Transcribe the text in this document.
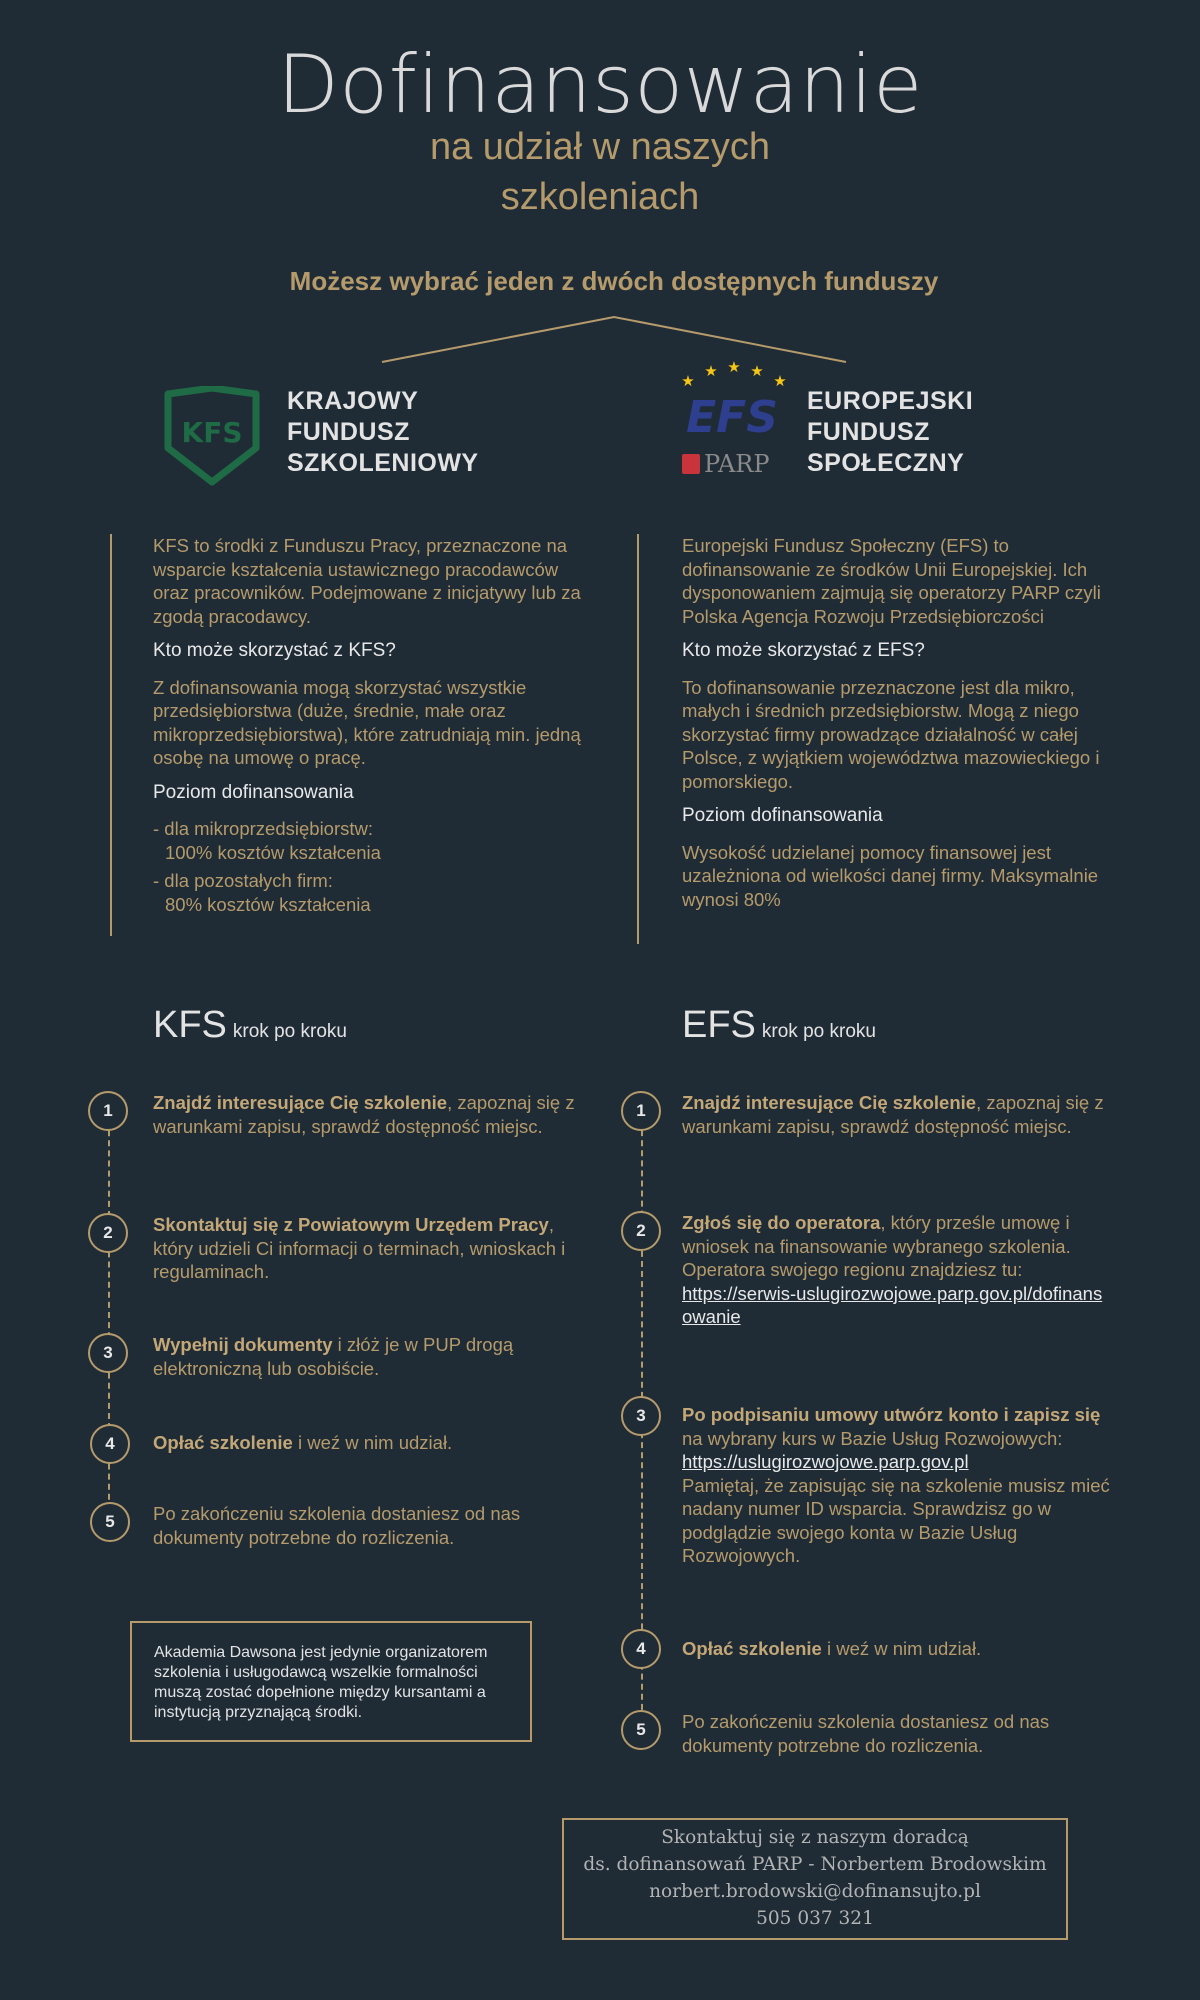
Dofinansowanie
na udział w naszych
szkoleniach
Możesz wybrać jeden z dwóch dostępnych funduszy
KFS
KRAJOWY
FUNDUSZ
SZKOLENIOWY
★
★ ★ ★
★
EFS
PARP
EUROPEJSKI
FUNDUSZ
SPOŁECZNY

KFS to środki z Funduszu Pracy, przeznaczone na wsparcie kształcenia ustawicznego pracodawców oraz pracowników. Podejmowane z inicjatywy lub za zgodą pracodawcy.

Kto może skorzystać z KFS?

Z dofinansowania mogą skorzystać wszystkie przedsiębiorstwa (duże, średnie, małe oraz mikroprzedsiębiorstwa), które zatrudniają min. jedną osobę na umowę o pracę.

Poziom dofinansowania

- dla mikroprzedsiębiorstw:
100% kosztów kształcenia
- dla pozostałych firm:
80% kosztów kształcenia

Europejski Fundusz Społeczny (EFS) to dofinansowanie ze środków Unii Europejskiej. Ich dysponowaniem zajmują się operatorzy PARP czyli Polska Agencja Rozwoju Przedsiębiorczości

Kto może skorzystać z EFS?

To dofinansowanie przeznaczone jest dla mikro, małych i średnich przedsiębiorstw. Mogą z niego skorzystać firmy prowadzące działalność w całej Polsce, z wyjątkiem województwa mazowieckiego i pomorskiego.

Poziom dofinansowania

Wysokość udzielanej pomocy finansowej jest uzależniona od wielkości danej firmy. Maksymalnie wynosi 80%

KFS krok po kroku
1	Znajdź interesujące Cię szkolenie, zapoznaj się z warunkami zapisu, sprawdź dostępność miejsc.
2	Skontaktuj się z Powiatowym Urzędem Pracy, który udzieli Ci informacji o terminach, wnioskach i regulaminach.
3	Wypełnij dokumenty i złóż je w PUP drogą elektroniczną lub osobiście.
4	Opłać szkolenie i weź w nim udział.
5	Po zakończeniu szkolenia dostaniesz od nas dokumenty potrzebne do rozliczenia.
Akademia Dawsona jest jedynie organizatorem szkolenia i usługodawcą wszelkie formalności muszą zostać dopełnione między kursantami a instytucją przyznającą środki.
EFS krok po kroku
1	Znajdź interesujące Cię szkolenie, zapoznaj się z warunkami zapisu, sprawdź dostępność miejsc.
2	Zgłoś się do operatora, który prześle umowę i wniosek na finansowanie wybranego szkolenia. Operatora swojego regionu znajdziesz tu:
https://serwis-uslugirozwojowe.parp.gov.pl/dofinansowanie
3	Po podpisaniu umowy utwórz konto i zapisz się na wybrany kurs w Bazie Usług Rozwojowych:
https://uslugirozwojowe.parp.gov.pl
Pamiętaj, że zapisując się na szkolenie musisz mieć nadany numer ID wsparcia. Sprawdzisz go w podglądzie swojego konta w Bazie Usług Rozwojowych.
4	Opłać szkolenie i weź w nim udział.
5	Po zakończeniu szkolenia dostaniesz od nas dokumenty potrzebne do rozliczenia.
Skontaktuj się z naszym doradcą
ds. dofinansowań PARP - Norbertem Brodowskim
norbert.brodowski@dofinansujto.pl
505 037 321
